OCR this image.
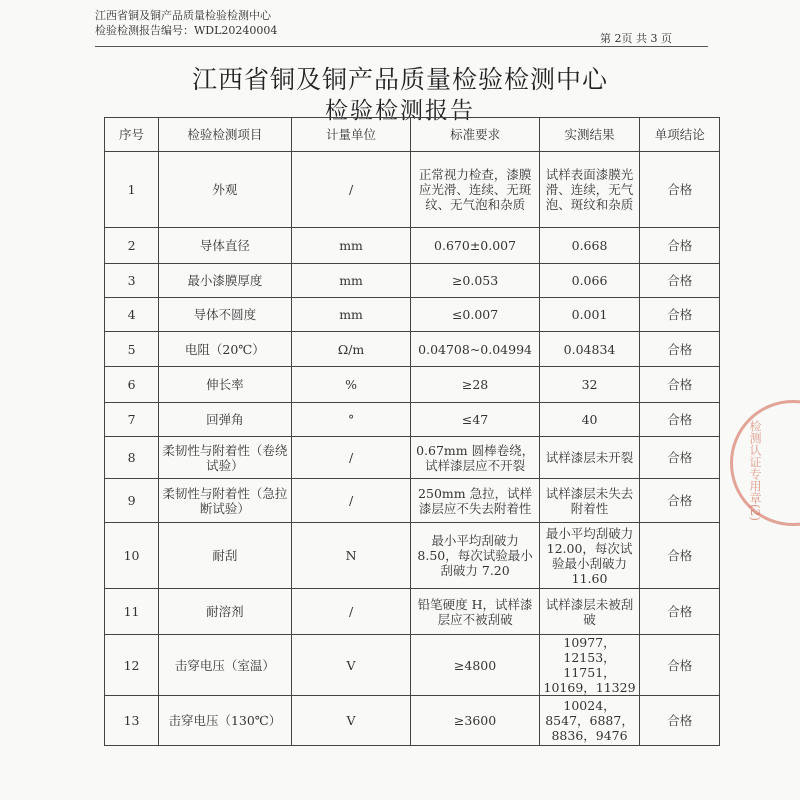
江西省铜及铜产品质量检验检测中心
检验检测报告编号：WDL20240004
第 2页 共 3 页
江西省铜及铜产品质量检验检测中心
检验检测报告
序号	检验检测项目	计量单位	标准要求	实测结果	单项结论
1	外观	/	正常视力检查，漆膜应光滑、连续、无斑纹、无气泡和杂质	试样表面漆膜光滑、连续，无气泡、斑纹和杂质	合格
2	导体直径	mm	0.670±0.007	0.668	合格
3	最小漆膜厚度	mm	≥0.053	0.066	合格
4	导体不圆度	mm	≤0.007	0.001	合格
5	电阻（20℃）	Ω/m	0.04708~0.04994	0.04834	合格
6	伸长率	%	≥28	32	合格
7	回弹角	°	≤47	40	合格
8	柔韧性与附着性（卷绕试验）	/	0.67mm 圆棒卷绕，试样漆层应不开裂	试样漆层未开裂	合格
9	柔韧性与附着性（急拉断试验）	/	250mm 急拉，试样漆层应不失去附着性	试样漆层未失去附着性	合格
10	耐刮	N	最小平均刮破力 8.50，每次试验最小刮破力 7.20	最小平均刮破力 12.00，每次试验最小刮破力 11.60	合格
11	耐溶剂	/	铅笔硬度 H，试样漆层应不被刮破	试样漆层未被刮破	合格
12	击穿电压（室温）	V	≥4800	10977，12153，11751，10169，11329	合格
13	击穿电压（130℃）	V	≥3600	10024，8547，6887，8836，9476	合格
检测认证专用章(2)
